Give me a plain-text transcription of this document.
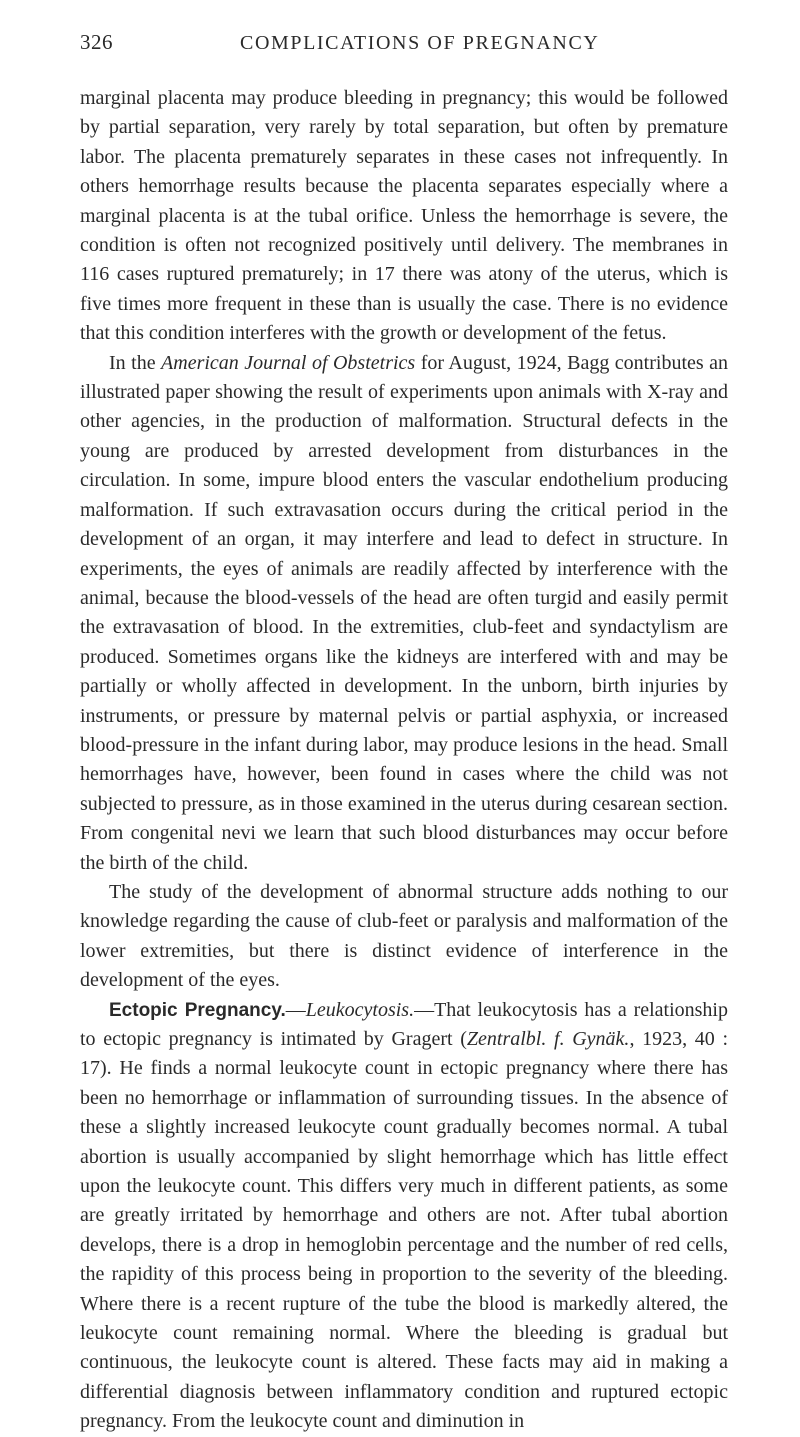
326	COMPLICATIONS OF PREGNANCY

marginal placenta may produce bleeding in pregnancy; this would be followed by partial separation, very rarely by total separation, but often by premature labor. The placenta prematurely separates in these cases not infrequently. In others hemorrhage results because the placenta separates especially where a marginal placenta is at the tubal orifice. Unless the hemorrhage is severe, the condition is often not recognized positively until delivery. The membranes in 116 cases ruptured prematurely; in 17 there was atony of the uterus, which is five times more frequent in these than is usually the case. There is no evidence that this condition interferes with the growth or development of the fetus.

In the American Journal of Obstetrics for August, 1924, Bagg contributes an illustrated paper showing the result of experiments upon animals with X-ray and other agencies, in the production of malformation. Structural defects in the young are produced by arrested development from disturbances in the circulation. In some, impure blood enters the vascular endothelium producing malformation. If such extravasation occurs during the critical period in the development of an organ, it may interfere and lead to defect in structure. In experiments, the eyes of animals are readily affected by interference with the animal, because the blood-vessels of the head are often turgid and easily permit the extravasation of blood. In the extremities, club-feet and syndactylism are produced. Sometimes organs like the kidneys are interfered with and may be partially or wholly affected in development. In the unborn, birth injuries by instruments, or pressure by maternal pelvis or partial asphyxia, or increased blood-pressure in the infant during labor, may produce lesions in the head. Small hemorrhages have, however, been found in cases where the child was not subjected to pressure, as in those examined in the uterus during cesarean section. From congenital nevi we learn that such blood disturbances may occur before the birth of the child.

The study of the development of abnormal structure adds nothing to our knowledge regarding the cause of club-feet or paralysis and malformation of the lower extremities, but there is distinct evidence of interference in the development of the eyes.

Ectopic Pregnancy.—Leukocytosis.—That leukocytosis has a relationship to ectopic pregnancy is intimated by Gragert (Zentralbl. f. Gynäk., 1923, 40 : 17). He finds a normal leukocyte count in ectopic pregnancy where there has been no hemorrhage or inflammation of surrounding tissues. In the absence of these a slightly increased leukocyte count gradually becomes normal. A tubal abortion is usually accompanied by slight hemorrhage which has little effect upon the leukocyte count. This differs very much in different patients, as some are greatly irritated by hemorrhage and others are not. After tubal abortion develops, there is a drop in hemoglobin percentage and the number of red cells, the rapidity of this process being in proportion to the severity of the bleeding. Where there is a recent rupture of the tube the blood is markedly altered, the leukocyte count remaining normal. Where the bleeding is gradual but continuous, the leukocyte count is altered. These facts may aid in making a differential diagnosis between inflammatory condition and ruptured ectopic pregnancy. From the leukocyte count and diminution in
